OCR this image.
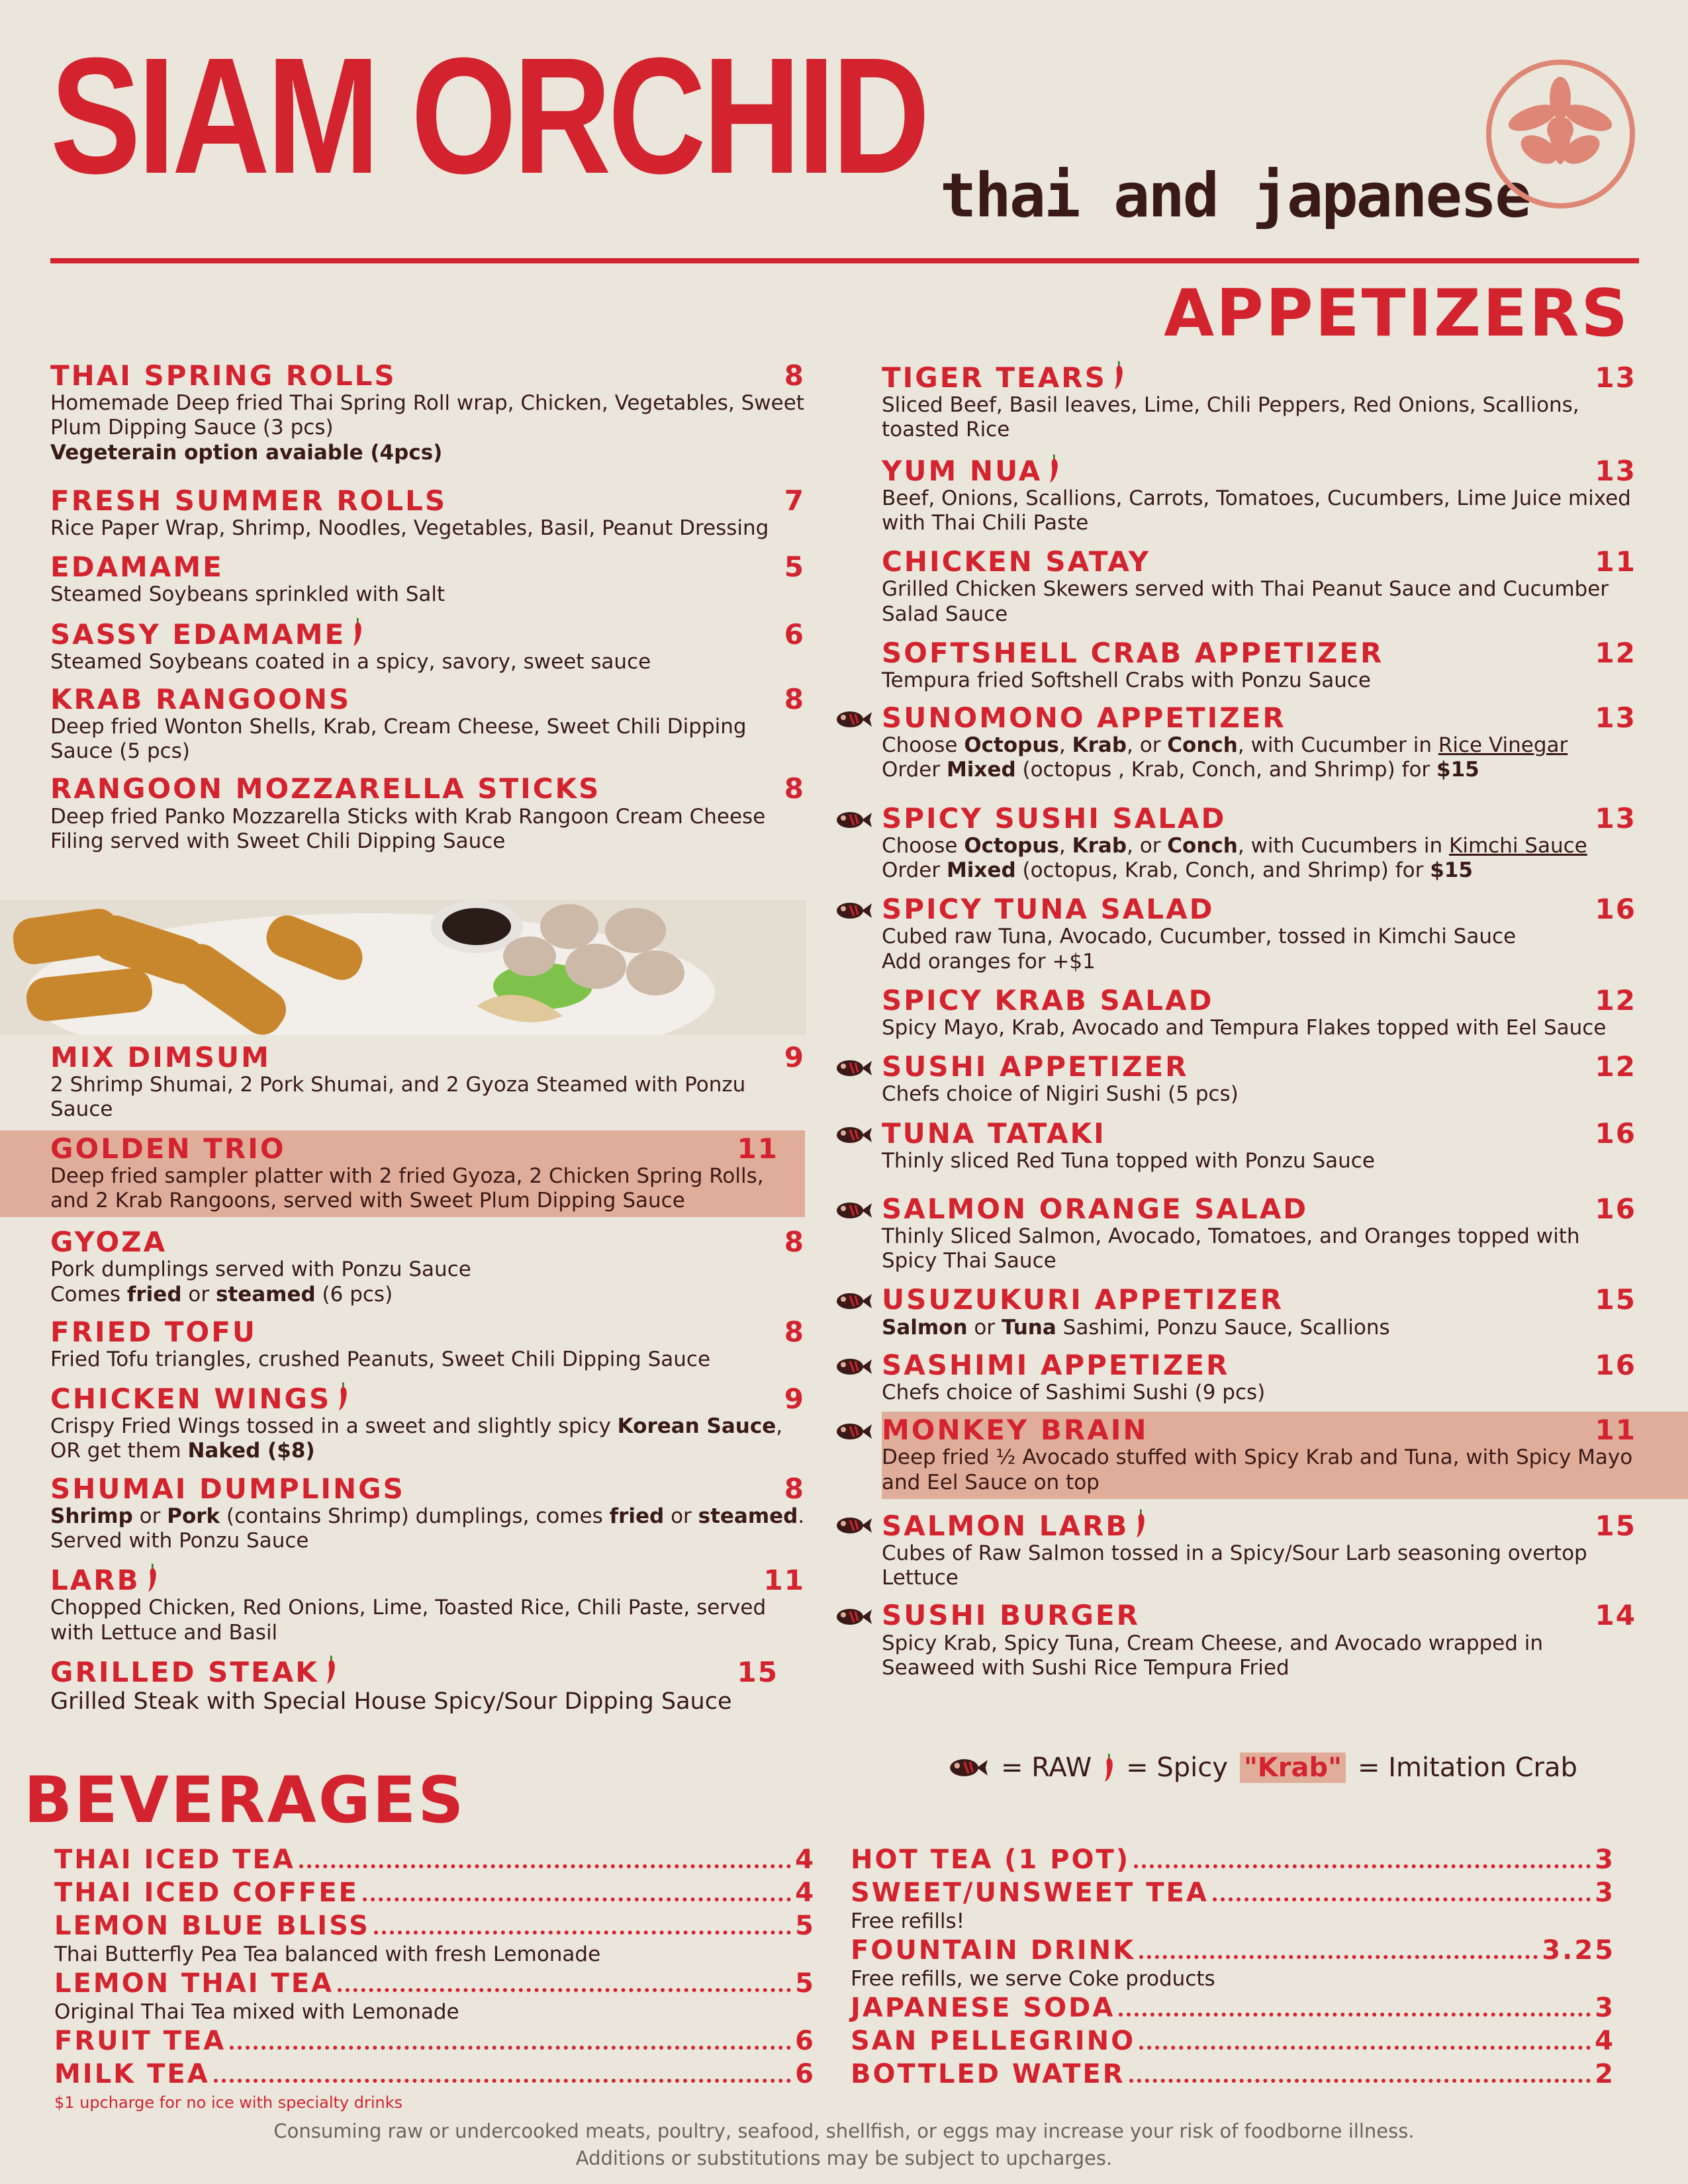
SIAM ORCHID thai and japanese
APPETIZERS
THAI SPRING ROLLS	8
Homemade Deep fried Thai Spring Roll wrap, Chicken, Vegetables, Sweet Plum Dipping Sauce (3 pcs)
Vegeterain option avaiable (4pcs)
FRESH SUMMER ROLLS	7
Rice Paper Wrap, Shrimp, Noodles, Vegetables, Basil, Peanut Dressing
EDAMAME	5
Steamed Soybeans sprinkled with Salt
SASSY EDAMAME	6
Steamed Soybeans coated in a spicy, savory, sweet sauce
KRAB RANGOONS	8
Deep fried Wonton Shells, Krab, Cream Cheese, Sweet Chili Dipping Sauce (5 pcs)
RANGOON MOZZARELLA STICKS	8
Deep fried Panko Mozzarella Sticks with Krab Rangoon Cream Cheese Filing served with Sweet Chili Dipping Sauce
MIX DIMSUM	9
2 Shrimp Shumai, 2 Pork Shumai, and 2 Gyoza Steamed with Ponzu Sauce
GOLDEN TRIO	11
Deep fried sampler platter with 2 fried Gyoza, 2 Chicken Spring Rolls, and 2 Krab Rangoons, served with Sweet Plum Dipping Sauce
GYOZA	8
Pork dumplings served with Ponzu Sauce
Comes fried or steamed (6 pcs)
FRIED TOFU	8
Fried Tofu triangles, crushed Peanuts, Sweet Chili Dipping Sauce
CHICKEN WINGS	9
Crispy Fried Wings tossed in a sweet and slightly spicy Korean Sauce, OR get them Naked ($8)
SHUMAI DUMPLINGS	8
Shrimp or Pork (contains Shrimp) dumplings, comes fried or steamed. Served with Ponzu Sauce
LARB	11
Chopped Chicken, Red Onions, Lime, Toasted Rice, Chili Paste, served with Lettuce and Basil
GRILLED STEAK	15
Grilled Steak with Special House Spicy/Sour Dipping Sauce
TIGER TEARS	13
Sliced Beef, Basil leaves, Lime, Chili Peppers, Red Onions, Scallions, toasted Rice
YUM NUA	13
Beef, Onions, Scallions, Carrots, Tomatoes, Cucumbers, Lime Juice mixed with Thai Chili Paste
CHICKEN SATAY	11
Grilled Chicken Skewers served with Thai Peanut Sauce and Cucumber Salad Sauce
SOFTSHELL CRAB APPETIZER	12
Tempura fried Softshell Crabs with Ponzu Sauce
SUNOMONO APPETIZER	13
Choose Octopus, Krab, or Conch, with Cucumber in Rice Vinegar
Order Mixed (octopus , Krab, Conch, and Shrimp) for $15
SPICY SUSHI SALAD	13
Choose Octopus, Krab, or Conch, with Cucumbers in Kimchi Sauce
Order Mixed (octopus, Krab, Conch, and Shrimp) for $15
SPICY TUNA SALAD	16
Cubed raw Tuna, Avocado, Cucumber, tossed in Kimchi Sauce
Add oranges for +$1
SPICY KRAB SALAD	12
Spicy Mayo, Krab, Avocado and Tempura Flakes topped with Eel Sauce
SUSHI APPETIZER	12
Chefs choice of Nigiri Sushi (5 pcs)
TUNA TATAKI	16
Thinly sliced Red Tuna topped with Ponzu Sauce
SALMON ORANGE SALAD	16
Thinly Sliced Salmon, Avocado, Tomatoes, and Oranges topped with Spicy Thai Sauce
USUZUKURI APPETIZER	15
Salmon or Tuna Sashimi, Ponzu Sauce, Scallions
SASHIMI APPETIZER	16
Chefs choice of Sashimi Sushi (9 pcs)
MONKEY BRAIN	11
Deep fried ½ Avocado stuffed with Spicy Krab and Tuna, with Spicy Mayo and Eel Sauce on top
SALMON LARB	15
Cubes of Raw Salmon tossed in a Spicy/Sour Larb seasoning overtop Lettuce
SUSHI BURGER	14
Spicy Krab, Spicy Tuna, Cream Cheese, and Avocado wrapped in Seaweed with Sushi Rice Tempura Fried
= RAW = Spicy "Krab" = Imitation Crab
BEVERAGES
THAI ICED TEA	4
THAI ICED COFFEE	4
LEMON BLUE BLISS	5
Thai Butterfly Pea Tea balanced with fresh Lemonade
LEMON THAI TEA	5
Original Thai Tea mixed with Lemonade
FRUIT TEA	6
MILK TEA	6
$1 upcharge for no ice with specialty drinks
HOT TEA (1 POT)	3
SWEET/UNSWEET TEA	3
Free refills!
FOUNTAIN DRINK	3.25
Free refills, we serve Coke products
JAPANESE SODA	3
SAN PELLEGRINO	4
BOTTLED WATER	2
Consuming raw or undercooked meats, poultry, seafood, shellfish, or eggs may increase your risk of foodborne illness.
Additions or substitutions may be subject to upcharges.
